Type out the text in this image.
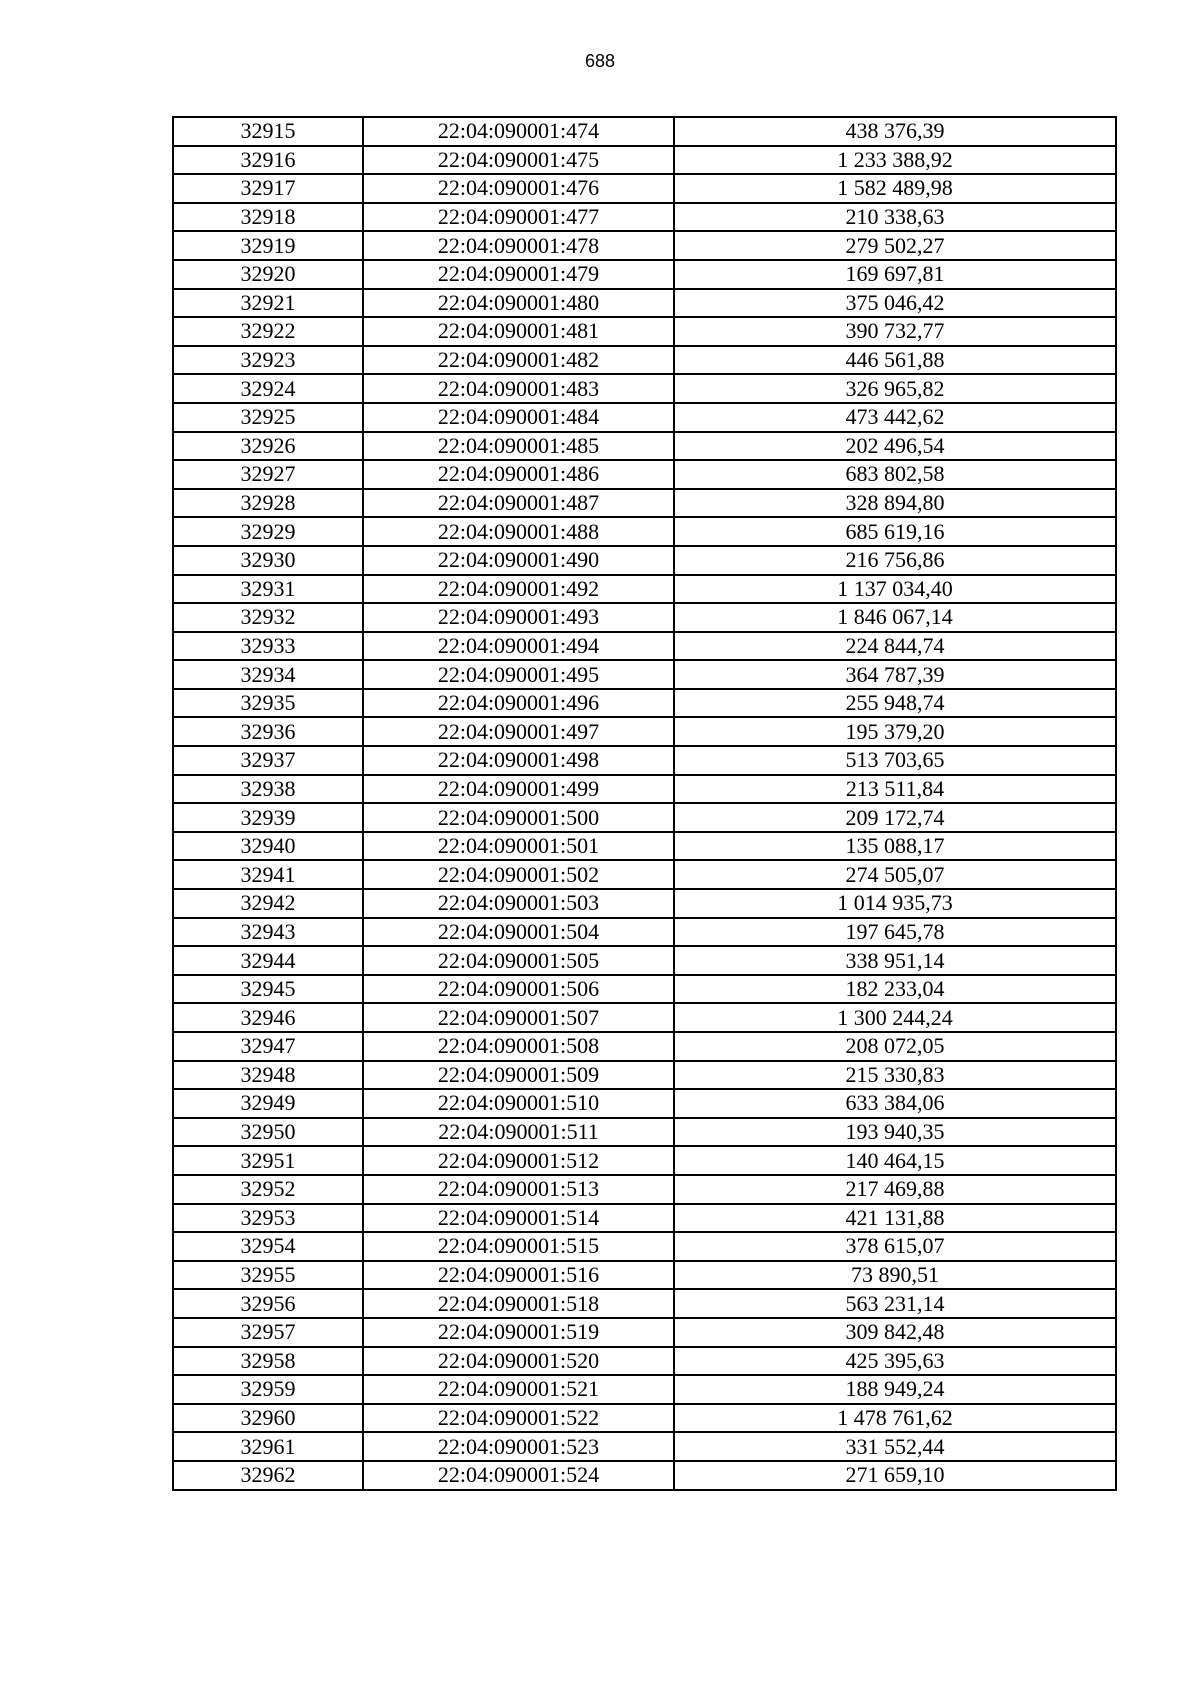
688
32915	22:04:090001:474	438 376,39
32916	22:04:090001:475	1 233 388,92
32917	22:04:090001:476	1 582 489,98
32918	22:04:090001:477	210 338,63
32919	22:04:090001:478	279 502,27
32920	22:04:090001:479	169 697,81
32921	22:04:090001:480	375 046,42
32922	22:04:090001:481	390 732,77
32923	22:04:090001:482	446 561,88
32924	22:04:090001:483	326 965,82
32925	22:04:090001:484	473 442,62
32926	22:04:090001:485	202 496,54
32927	22:04:090001:486	683 802,58
32928	22:04:090001:487	328 894,80
32929	22:04:090001:488	685 619,16
32930	22:04:090001:490	216 756,86
32931	22:04:090001:492	1 137 034,40
32932	22:04:090001:493	1 846 067,14
32933	22:04:090001:494	224 844,74
32934	22:04:090001:495	364 787,39
32935	22:04:090001:496	255 948,74
32936	22:04:090001:497	195 379,20
32937	22:04:090001:498	513 703,65
32938	22:04:090001:499	213 511,84
32939	22:04:090001:500	209 172,74
32940	22:04:090001:501	135 088,17
32941	22:04:090001:502	274 505,07
32942	22:04:090001:503	1 014 935,73
32943	22:04:090001:504	197 645,78
32944	22:04:090001:505	338 951,14
32945	22:04:090001:506	182 233,04
32946	22:04:090001:507	1 300 244,24
32947	22:04:090001:508	208 072,05
32948	22:04:090001:509	215 330,83
32949	22:04:090001:510	633 384,06
32950	22:04:090001:511	193 940,35
32951	22:04:090001:512	140 464,15
32952	22:04:090001:513	217 469,88
32953	22:04:090001:514	421 131,88
32954	22:04:090001:515	378 615,07
32955	22:04:090001:516	73 890,51
32956	22:04:090001:518	563 231,14
32957	22:04:090001:519	309 842,48
32958	22:04:090001:520	425 395,63
32959	22:04:090001:521	188 949,24
32960	22:04:090001:522	1 478 761,62
32961	22:04:090001:523	331 552,44
32962	22:04:090001:524	271 659,10
